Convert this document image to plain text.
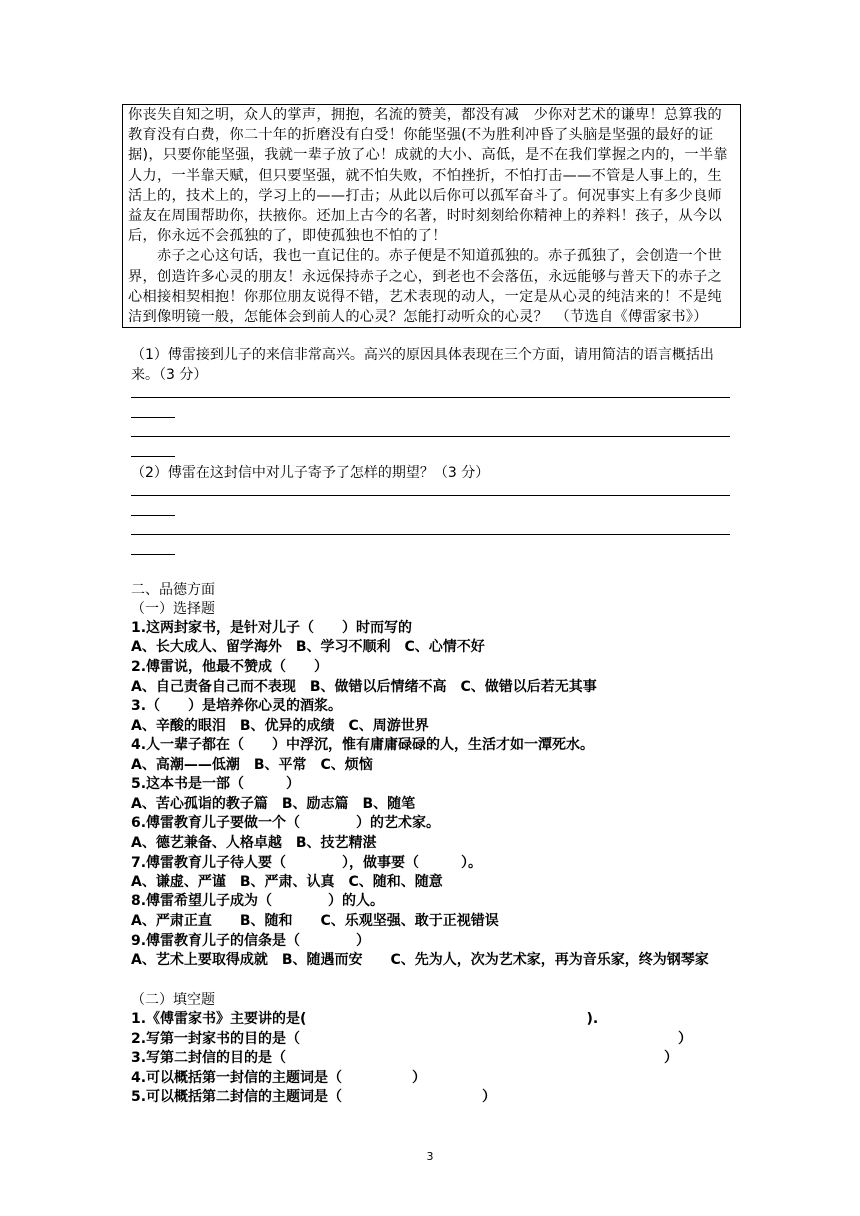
你丧失自知之明，众人的掌声，拥抱，名流的赞美，都没有减　少你对艺术的谦卑！总算我的教育没有白费，你二十年的折磨没有白受！你能坚强(不为胜利冲昏了头脑是坚强的最好的证据)，只要你能坚强，我就一辈子放了心！成就的大小、高低，是不在我们掌握之内的，一半靠人力，一半靠天赋，但只要坚强，就不怕失败，不怕挫折，不怕打击——不管是人事上的，生活上的，技术上的，学习上的——打击；从此以后你可以孤军奋斗了。何况事实上有多少良师益友在周围帮助你，扶掖你。还加上古今的名著，时时刻刻给你精神上的养料！孩子，从今以后，你永远不会孤独的了，即使孤独也不怕的了！

赤子之心这句话，我也一直记住的。赤子便是不知道孤独的。赤子孤独了，会创造一个世界，创造许多心灵的朋友！永远保持赤子之心，到老也不会落伍，永远能够与普天下的赤子之心相接相契相抱！你那位朋友说得不错，艺术表现的动人，一定是从心灵的纯洁来的！不是纯洁到像明镜一般，怎能体会到前人的心灵？怎能打动听众的心灵？　（节选自《傅雷家书》）

（1）傅雷接到儿子的来信非常高兴。高兴的原因具体表现在三个方面，请用简洁的语言概括出来。（3 分）
（2）傅雷在这封信中对儿子寄予了怎样的期望？（3 分）
二、品德方面
（一）选择题
1.这两封家书，是针对儿子（　　）时而写的
A、长大成人、留学海外　B、学习不顺利　C、心情不好
2.傅雷说，他最不赞成（　　）
A、自己责备自己而不表现　B、做错以后情绪不高　C、做错以后若无其事
3.（　　）是培养你心灵的酒浆。
A、辛酸的眼泪　B、优异的成绩　C、周游世界
4.人一辈子都在（　　）中浮沉，惟有庸庸碌碌的人，生活才如一潭死水。
A、高潮——低潮　B、平常　C、烦恼
5.这本书是一部（　　　）
A、苦心孤诣的教子篇　B、励志篇　B、随笔
6.傅雷教育儿子要做一个（　　　　）的艺术家。
A、德艺兼备、人格卓越　B、技艺精湛
7.傅雷教育儿子待人要（　　　　），做事要（　　　）。
A、谦虚、严谨　B、严肃、认真　C、随和、随意
8.傅雷希望儿子成为（　　　　）的人。
A、严肃正直　　B、随和　　C、乐观坚强、敢于正视错误
9.傅雷教育儿子的信条是（　　　　）
A、艺术上要取得成就　B、随遇而安　　C、先为人，次为艺术家，再为音乐家，终为钢琴家
（二）填空题
1.《傅雷家书》主要讲的是(　　　　　　　　　　　　　　　　　　　　).
2.写第一封家书的目的是（　　　　　　　　　　　　　　　　　　　　　　　　　　　）
3.写第二封信的目的是（　　　　　　　　　　　　　　　　　　　　　　　　　　　）
4.可以概括第一封信的主题词是（　　　　　）
5.可以概括第二封信的主题词是（　　　　　　　　　　）
3
